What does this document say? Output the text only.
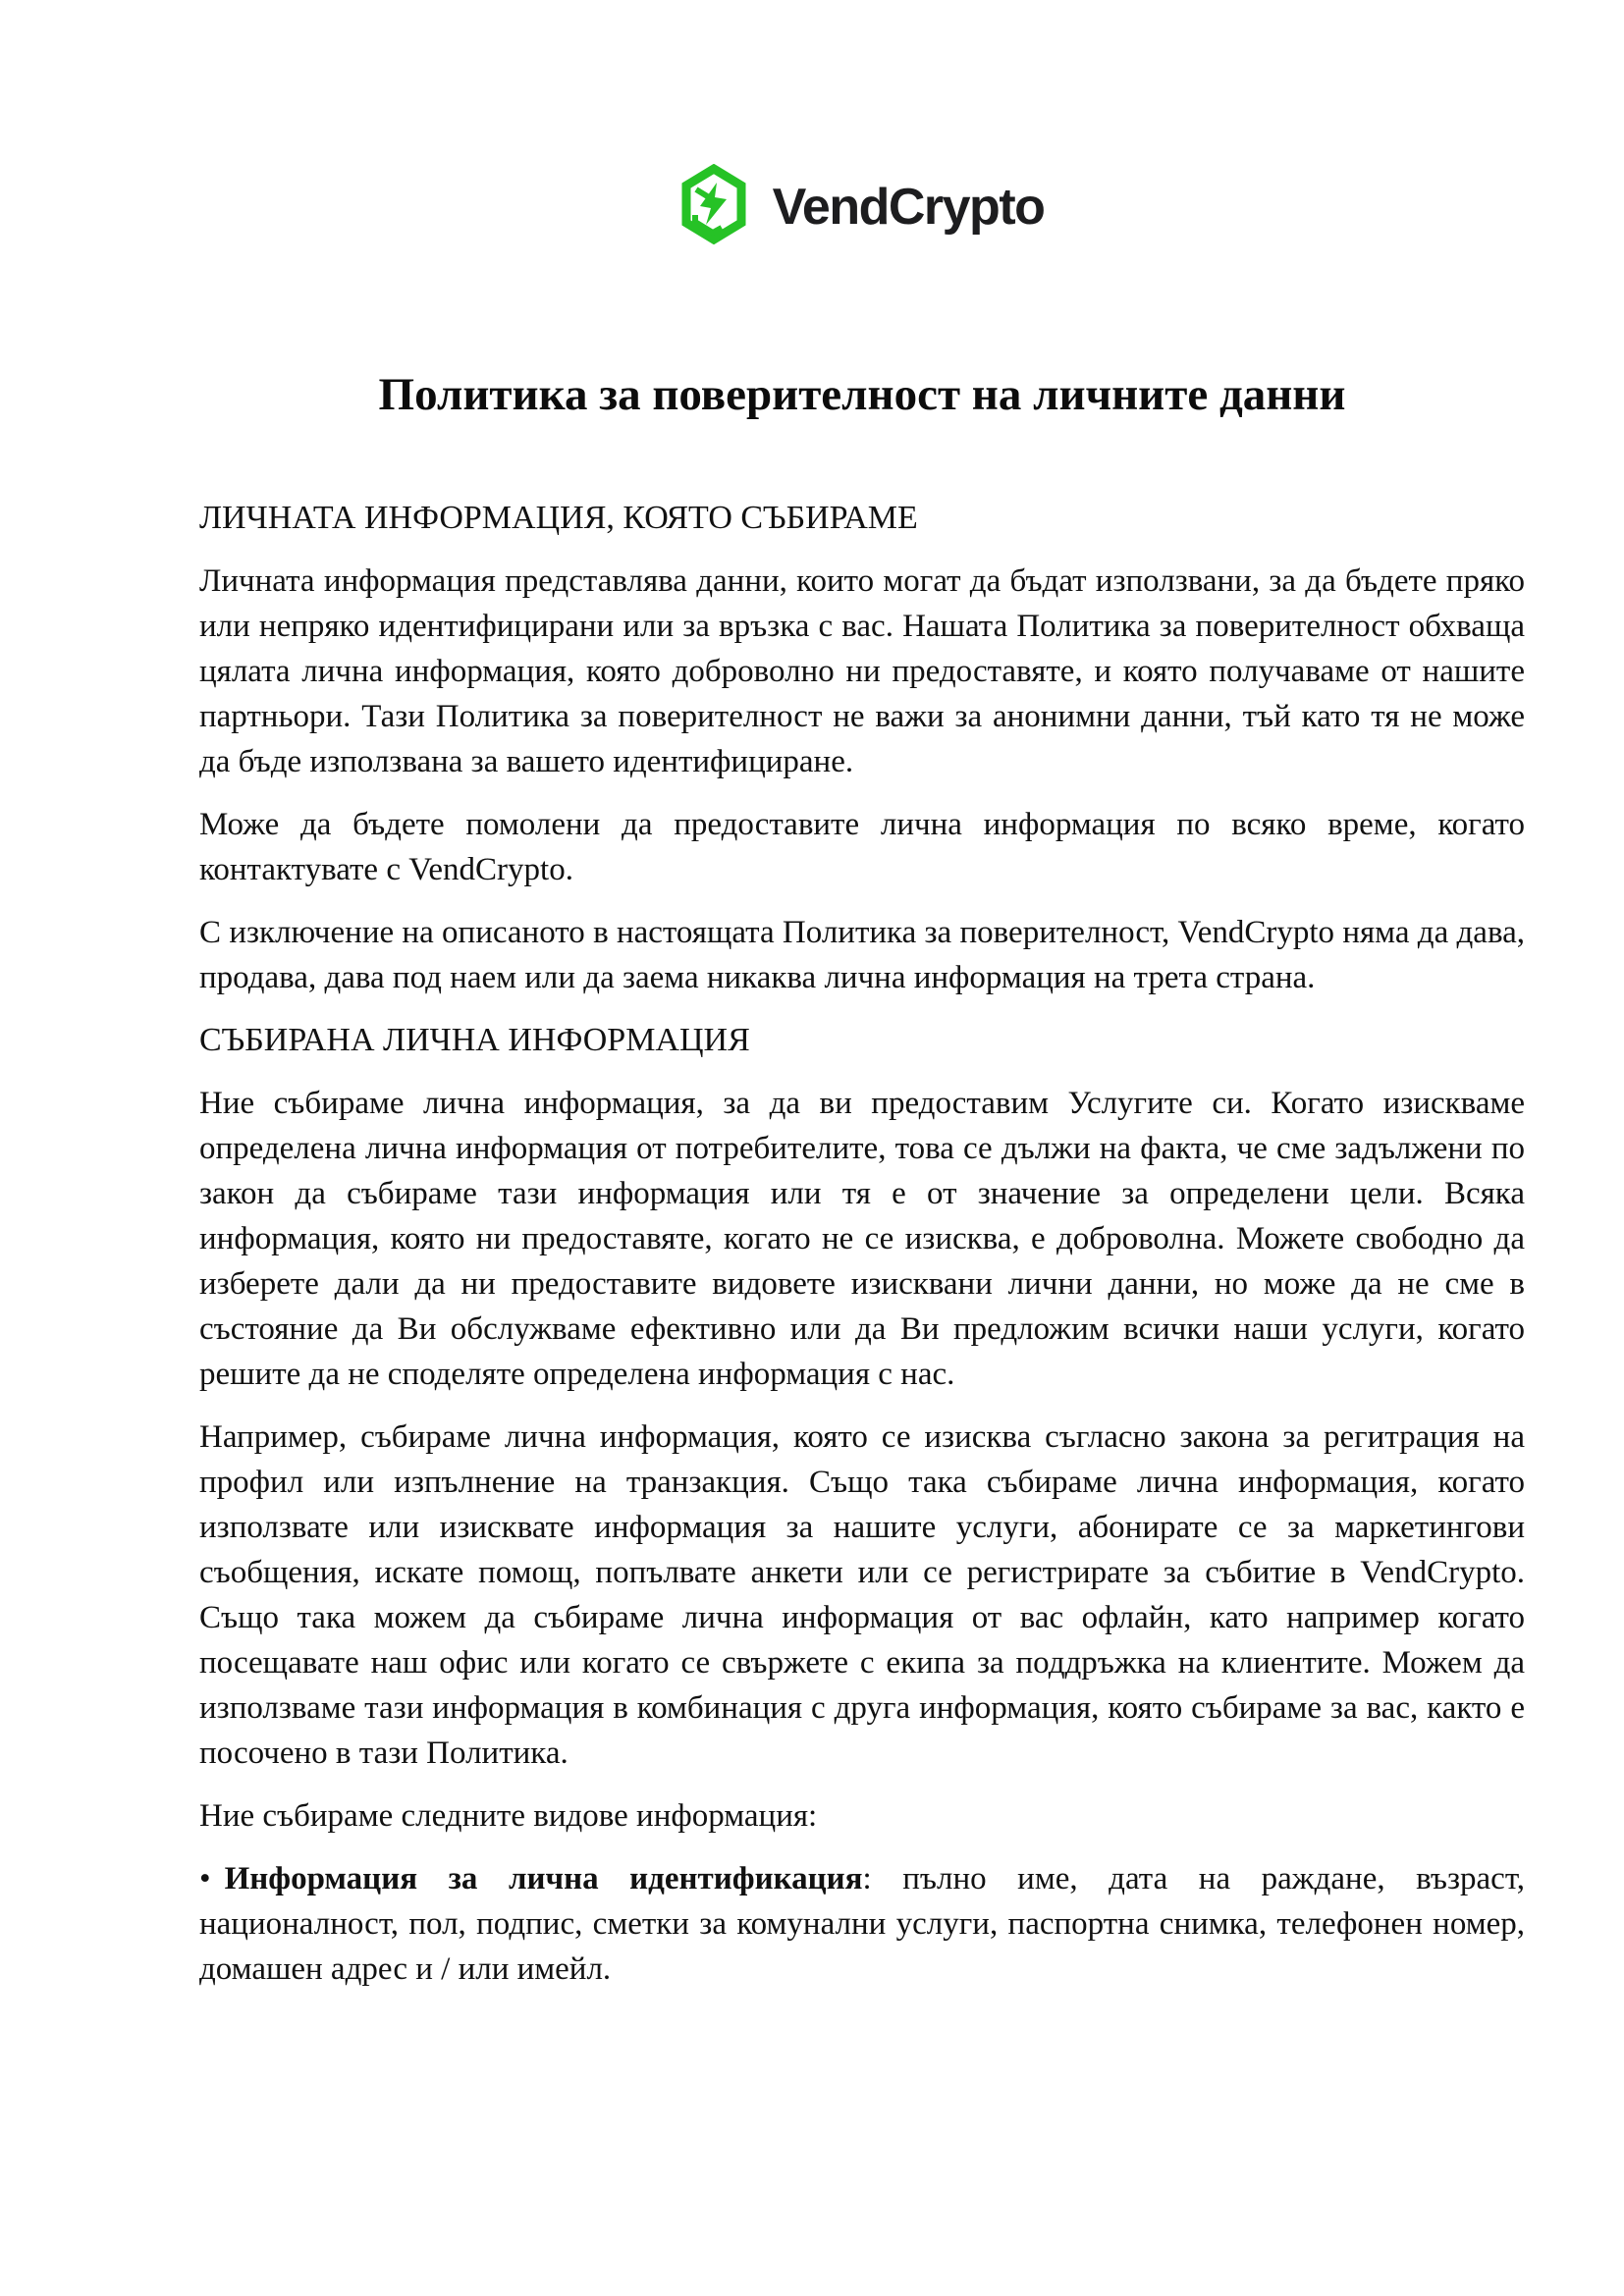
VendCrypto
Политика за поверителност на личните данни
ЛИЧНАТА ИНФОРМАЦИЯ, КОЯТО СЪБИРАМЕ

Личната информация представлява данни, които могат да бъдат използвани, за да бъдете пряко или непряко идентифицирани или за връзка с вас. Нашата Политика за поверителност обхваща цялата лична информация, която доброволно ни предоставяте, и която получаваме от нашите партньори. Тази Политика за поверителност не важи за анонимни данни, тъй като тя не може да бъде използвана за вашето идентифициране.

Може да бъдете помолени да предоставите лична информация по всяко време, когато контактувате с VendCrypto.

С изключение на описаното в настоящата Политика за поверителност, VendCrypto няма да дава, продава, дава под наем или да заема никаква лична информация на трета страна.

СЪБИРАНА ЛИЧНА ИНФОРМАЦИЯ

Ние събираме лична информация, за да ви предоставим Услугите си. Когато изискваме определена лична информация от потребителите, това се дължи на факта, че сме задължени по закон да събираме тази информация или тя е от значение за определени цели. Всяка информация, която ни предоставяте, когато не се изисква, е доброволна. Можете свободно да изберете дали да ни предоставите видовете изисквани лични данни, но може да не сме в състояние да Ви обслужваме ефективно или да Ви предложим всички наши услуги, когато решите да не споделяте определена информация с нас.

Например, събираме лична информация, която се изисква съгласно закона за регитрация на профил или изпълнение на транзакция. Също така събираме лична информация, когато използвате или изисквате информация за нашите услуги, абонирате се за маркетингови съобщения, искате помощ, попълвате анкети или се регистрирате за събитие в VendCrypto. Също така можем да събираме лична информация от вас офлайн, като например когато посещавате наш офис или когато се свържете с екипа за поддръжка на клиентите. Можем да използваме тази информация в комбинация с друга информация, която събираме за вас, както е посочено в тази Политика.

Ние събираме следните видове информация:

• Информация за лична идентификация: пълно име, дата на раждане, възраст, националност, пол, подпис, сметки за комунални услуги, паспортна снимка, телефонен номер, домашен адрес и / или имейл.
